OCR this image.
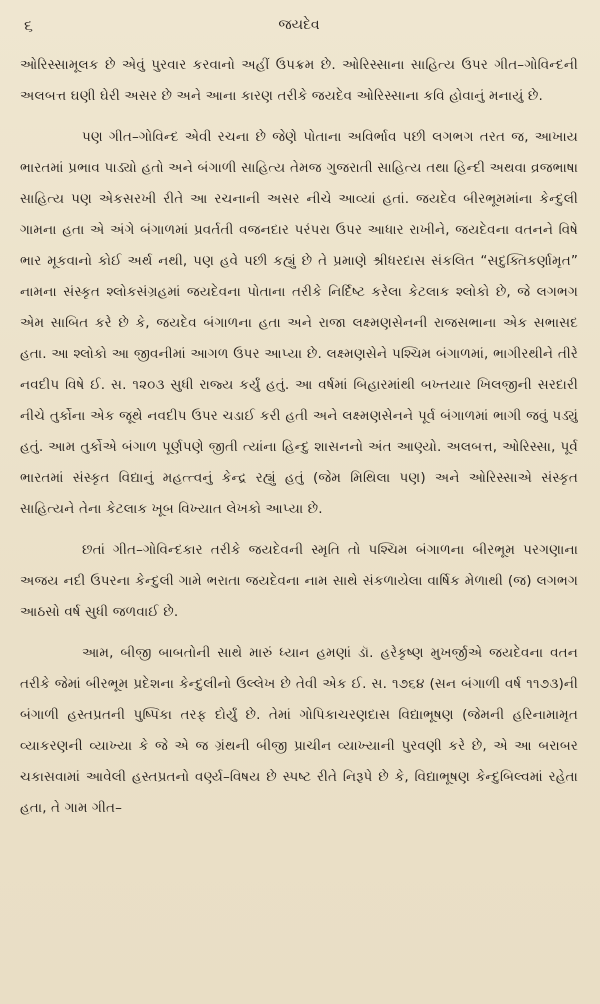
૬	જયદેવ

ઓરિસ્સામૂલક છે એવું પુરવાર કરવાનો અહીં ઉપક્રમ છે. ઓરિસ્સાના સાહિત્ય ઉપર ગીત–ગોવિન્દની અલબત્ત ઘણી ઘેરી અસર છે અને આના કારણ તરીકે જયદેવ ઓરિસ્સાના કવિ હોવાનું મનાયું છે.

પણ ગીત–ગોવિન્દ એવી રચના છે જેણે પોતાના અવિર્ભાવ પછી લગભગ તરત જ, આખાય ભારતમાં પ્રભાવ પાડ્યો હતો અને બંગાળી સાહિત્ય તેમજ ગુજરાતી સાહિત્ય તથા હિન્દી અથવા વ્રજભાષા સાહિત્ય પણ એકસરખી રીતે આ રચનાની અસર નીચે આવ્યાં હતાં. જયદેવ બીરભૂમમાંના કેન્દુલી ગામના હતા એ અંગે બંગાળમાં પ્રવર્તતી વજનદાર પરંપરા ઉપર આધાર રાખીને, જયદેવના વતનને વિષે ભાર મૂકવાનો કોઈ અર્થ નથી, પણ હવે પછી કહ્યું છે તે પ્રમાણે શ્રીધરદાસ સંકલિત “સદુક્તિકર્ણામૃત” નામના સંસ્કૃત શ્લોકસંગ્રહમાં જયદેવના પોતાના તરીકે નિર્દિષ્ટ કરેલા કેટલાક શ્લોકો છે, જે લગભગ એમ સાબિત કરે છે કે, જયદેવ બંગાળના હતા અને રાજા લક્ષ્મણસેનની રાજસભાના એક સભાસદ હતા. આ શ્લોકો આ જીવનીમાં આગળ ઉપર આપ્યા છે. લક્ષ્મણસેને પશ્ચિમ બંગાળમાં, ભાગીરથીને તીરે નવદીપ વિષે ઈ. સ. ૧૨૦૩ સુધી રાજ્ય કર્યું હતું. આ વર્ષમાં બિહારમાંથી બખ્તયાર ખિલજીની સરદારી નીચે તુર્કોના એક જૂથે નવદીપ ઉપર ચડાઈ કરી હતી અને લક્ષ્મણસેનને પૂર્વ બંગાળમાં ભાગી જવું પડ્યું હતું. આમ તુર્કોએ બંગાળ પૂર્ણપણે જીતી ત્યાંના હિન્દુ શાસનનો અંત આણ્યો. અલબત્ત, ઓરિસ્સા, પૂર્વ ભારતમાં સંસ્કૃત વિદ્યાનું મહત્ત્વનું કેન્દ્ર રહ્યું હતું (જેમ મિથિલા પણ) અને ઓરિસ્સાએ સંસ્કૃત સાહિત્યને તેના કેટલાક ખૂબ વિખ્યાત લેખકો આપ્યા છે.

છતાં ગીત–ગોવિન્દકાર તરીકે જયદેવની સ્મૃતિ તો પશ્ચિમ બંગાળના બીરભૂમ પરગણાના અજય નદી ઉપરના કેન્દુલી ગામે ભરાતા જયદેવના નામ સાથે સંકળાયેલા વાર્ષિક મેળાથી (જ) લગભગ આઠસો વર્ષ સુધી જળવાઈ છે.

આમ, બીજી બાબતોની સાથે મારું ધ્યાન હમણાં ડૉ. હરેકૃષ્ણ મુખર્જીએ જયદેવના વતન તરીકે જેમાં બીરભૂમ પ્રદેશના કેન્દુલીનો ઉલ્લેખ છે તેવી એક ઈ. સ. ૧૭૬૪ (સન બંગાળી વર્ષ ૧૧૭૩)ની બંગાળી હસ્તપ્રતની પુષ્પિકા તરફ દોર્યું છે. તેમાં ગોપિકાચરણદાસ વિદ્યાભૂષણ (જેમની હરિનામામૃત વ્યાકરણની વ્યાખ્યા કે જે એ જ ગ્રંથની બીજી પ્રાચીન વ્યાખ્યાની પુરવણી કરે છે, એ આ બરાબર ચકાસવામાં આવેલી હસ્તપ્રતનો વર્ણ્ય–વિષય છે સ્પષ્ટ રીતે નિરૂપે છે કે, વિદ્યાભૂષણ કેન્દુબિલ્વમાં રહેતા હતા, તે ગામ ગીત–
